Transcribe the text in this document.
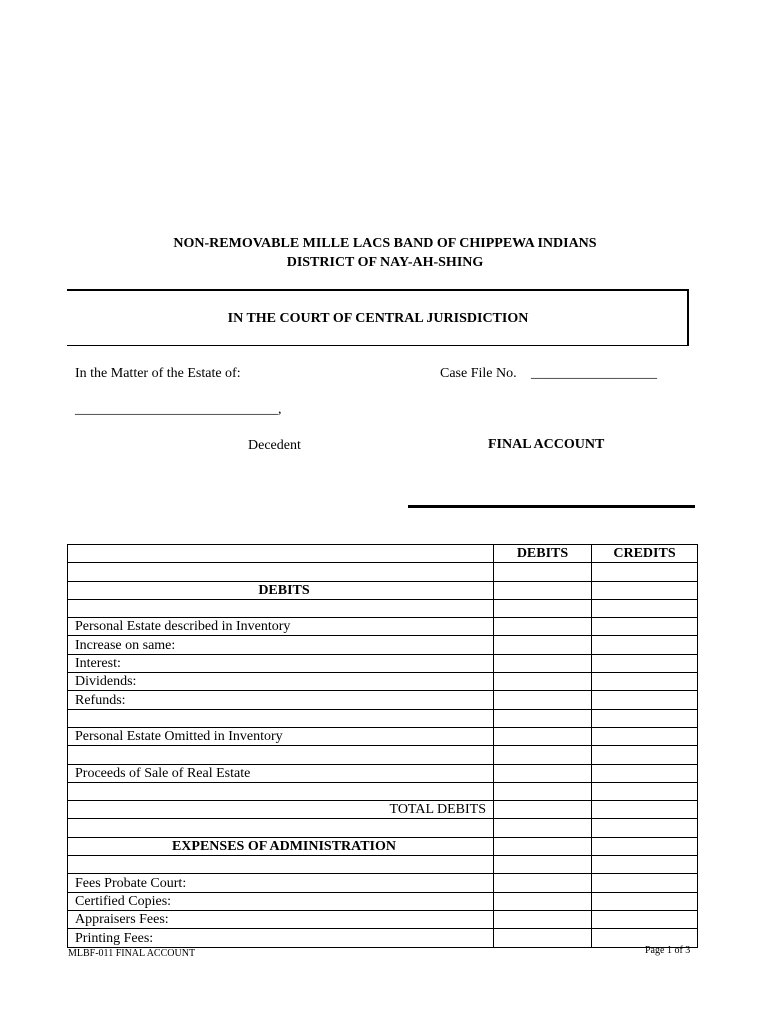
NON-REMOVABLE MILLE LACS BAND OF CHIPPEWA INDIANS
DISTRICT OF NAY-AH-SHING
IN THE COURT OF CENTRAL JURISDICTION
In the Matter of the Estate of:	Case File No. __________________
_____________________________,
Decedent	FINAL ACCOUNT
	DEBITS	CREDITS

DEBITS		

Personal Estate described in Inventory		
Increase on same:		
Interest:		
Dividends:		
Refunds:		

Personal Estate Omitted in Inventory		

Proceeds of Sale of Real Estate		

TOTAL DEBITS		

EXPENSES OF ADMINISTRATION		

Fees Probate Court:		
Certified Copies:		
Appraisers Fees:		
Printing Fees:		
MLBF-011 FINAL ACCOUNT	Page 1 of 3
